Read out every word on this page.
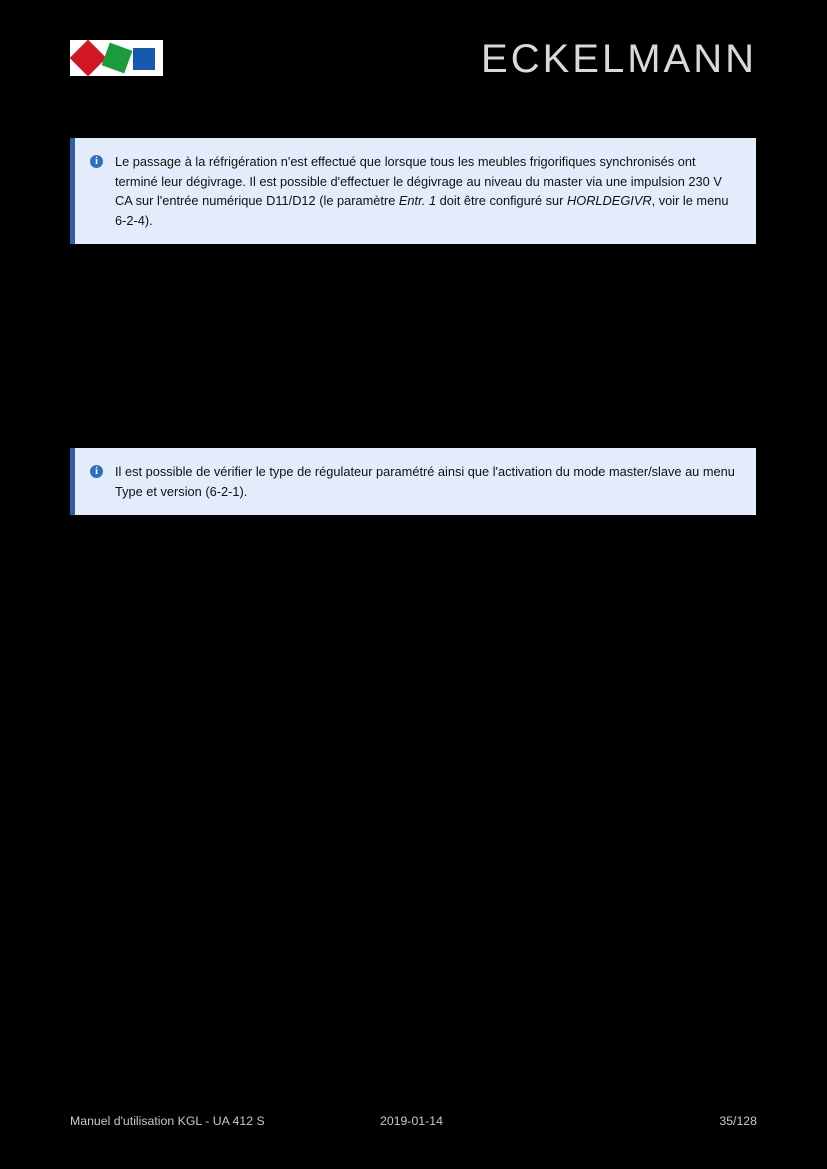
ECKELMANN
i	Le passage à la réfrigération n'est effectué que lorsque tous les meubles frigorifiques synchronisés ont terminé leur dégivrage. Il est possible d'effectuer le dégivrage au niveau du master via une impulsion 230 V CA sur l'entrée numérique D11/D12 (le paramètre Entr. 1 doit être configuré sur HORLDEGIVR, voir le menu 6-2-4).

i	Il est possible de vérifier le type de régulateur paramétré ainsi que l'activation du mode master/slave au menu Type et version (6-2-1).

Manuel d'utilisation KGL - UA 412 S	2019-01-14	35/128
